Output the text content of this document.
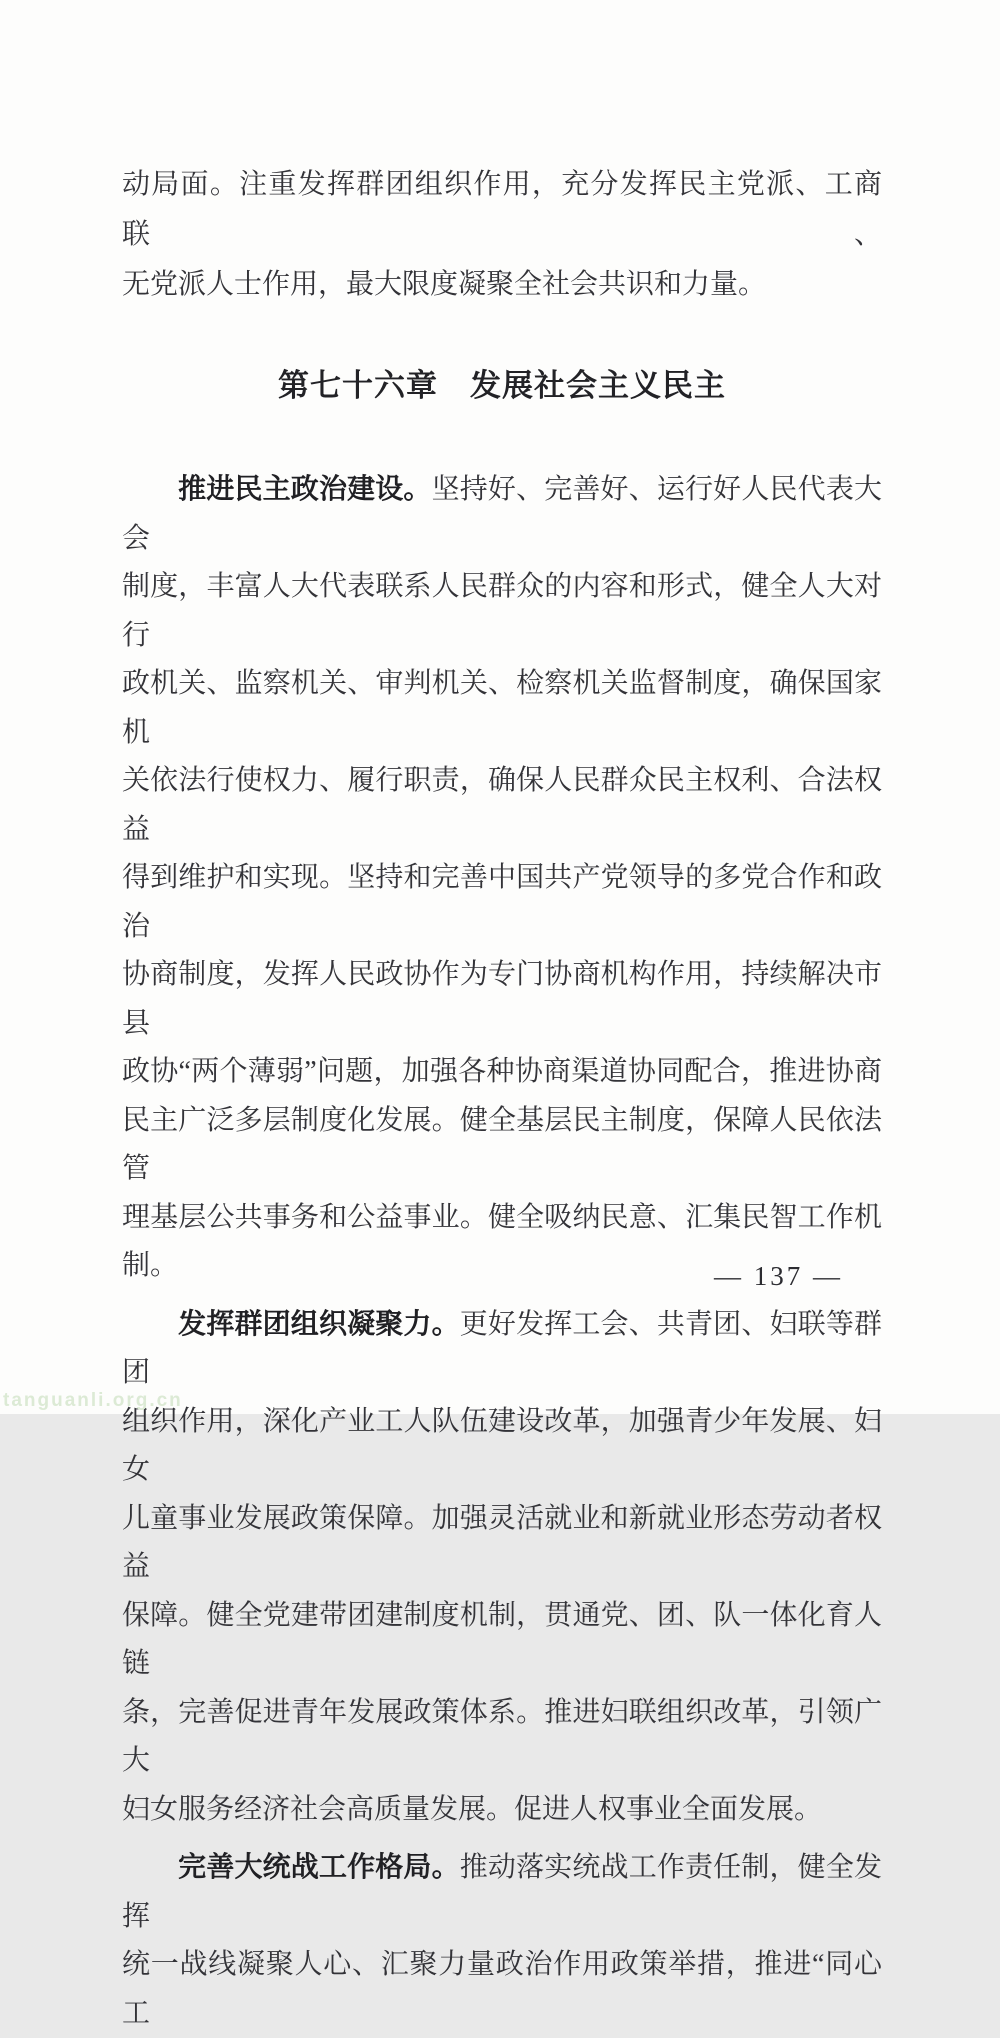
动局面。注重发挥群团组织作用，充分发挥民主党派、工商联、
无党派人士作用，最大限度凝聚全社会共识和力量。
第七十六章　发展社会主义民主
推进民主政治建设。坚持好、完善好、运行好人民代表大会
制度，丰富人大代表联系人民群众的内容和形式，健全人大对行
政机关、监察机关、审判机关、检察机关监督制度，确保国家机
关依法行使权力、履行职责，确保人民群众民主权利、合法权益
得到维护和实现。坚持和完善中国共产党领导的多党合作和政治
协商制度，发挥人民政协作为专门协商机构作用，持续解决市县
政协“两个薄弱”问题，加强各种协商渠道协同配合，推进协商
民主广泛多层制度化发展。健全基层民主制度，保障人民依法管
理基层公共事务和公益事业。健全吸纳民意、汇集民智工作机制。
发挥群团组织凝聚力。更好发挥工会、共青团、妇联等群团
组织作用，深化产业工人队伍建设改革，加强青少年发展、妇女
儿童事业发展政策保障。加强灵活就业和新就业形态劳动者权益
保障。健全党建带团建制度机制，贯通党、团、队一体化育人链
条，完善促进青年发展政策体系。推进妇联组织改革，引领广大
妇女服务经济社会高质量发展。促进人权事业全面发展。
完善大统战工作格局。推动落实统战工作责任制，健全发挥
统一战线凝聚人心、汇聚力量政治作用政策举措，推进“同心工
— 137 —
tanguanli.org.cn
